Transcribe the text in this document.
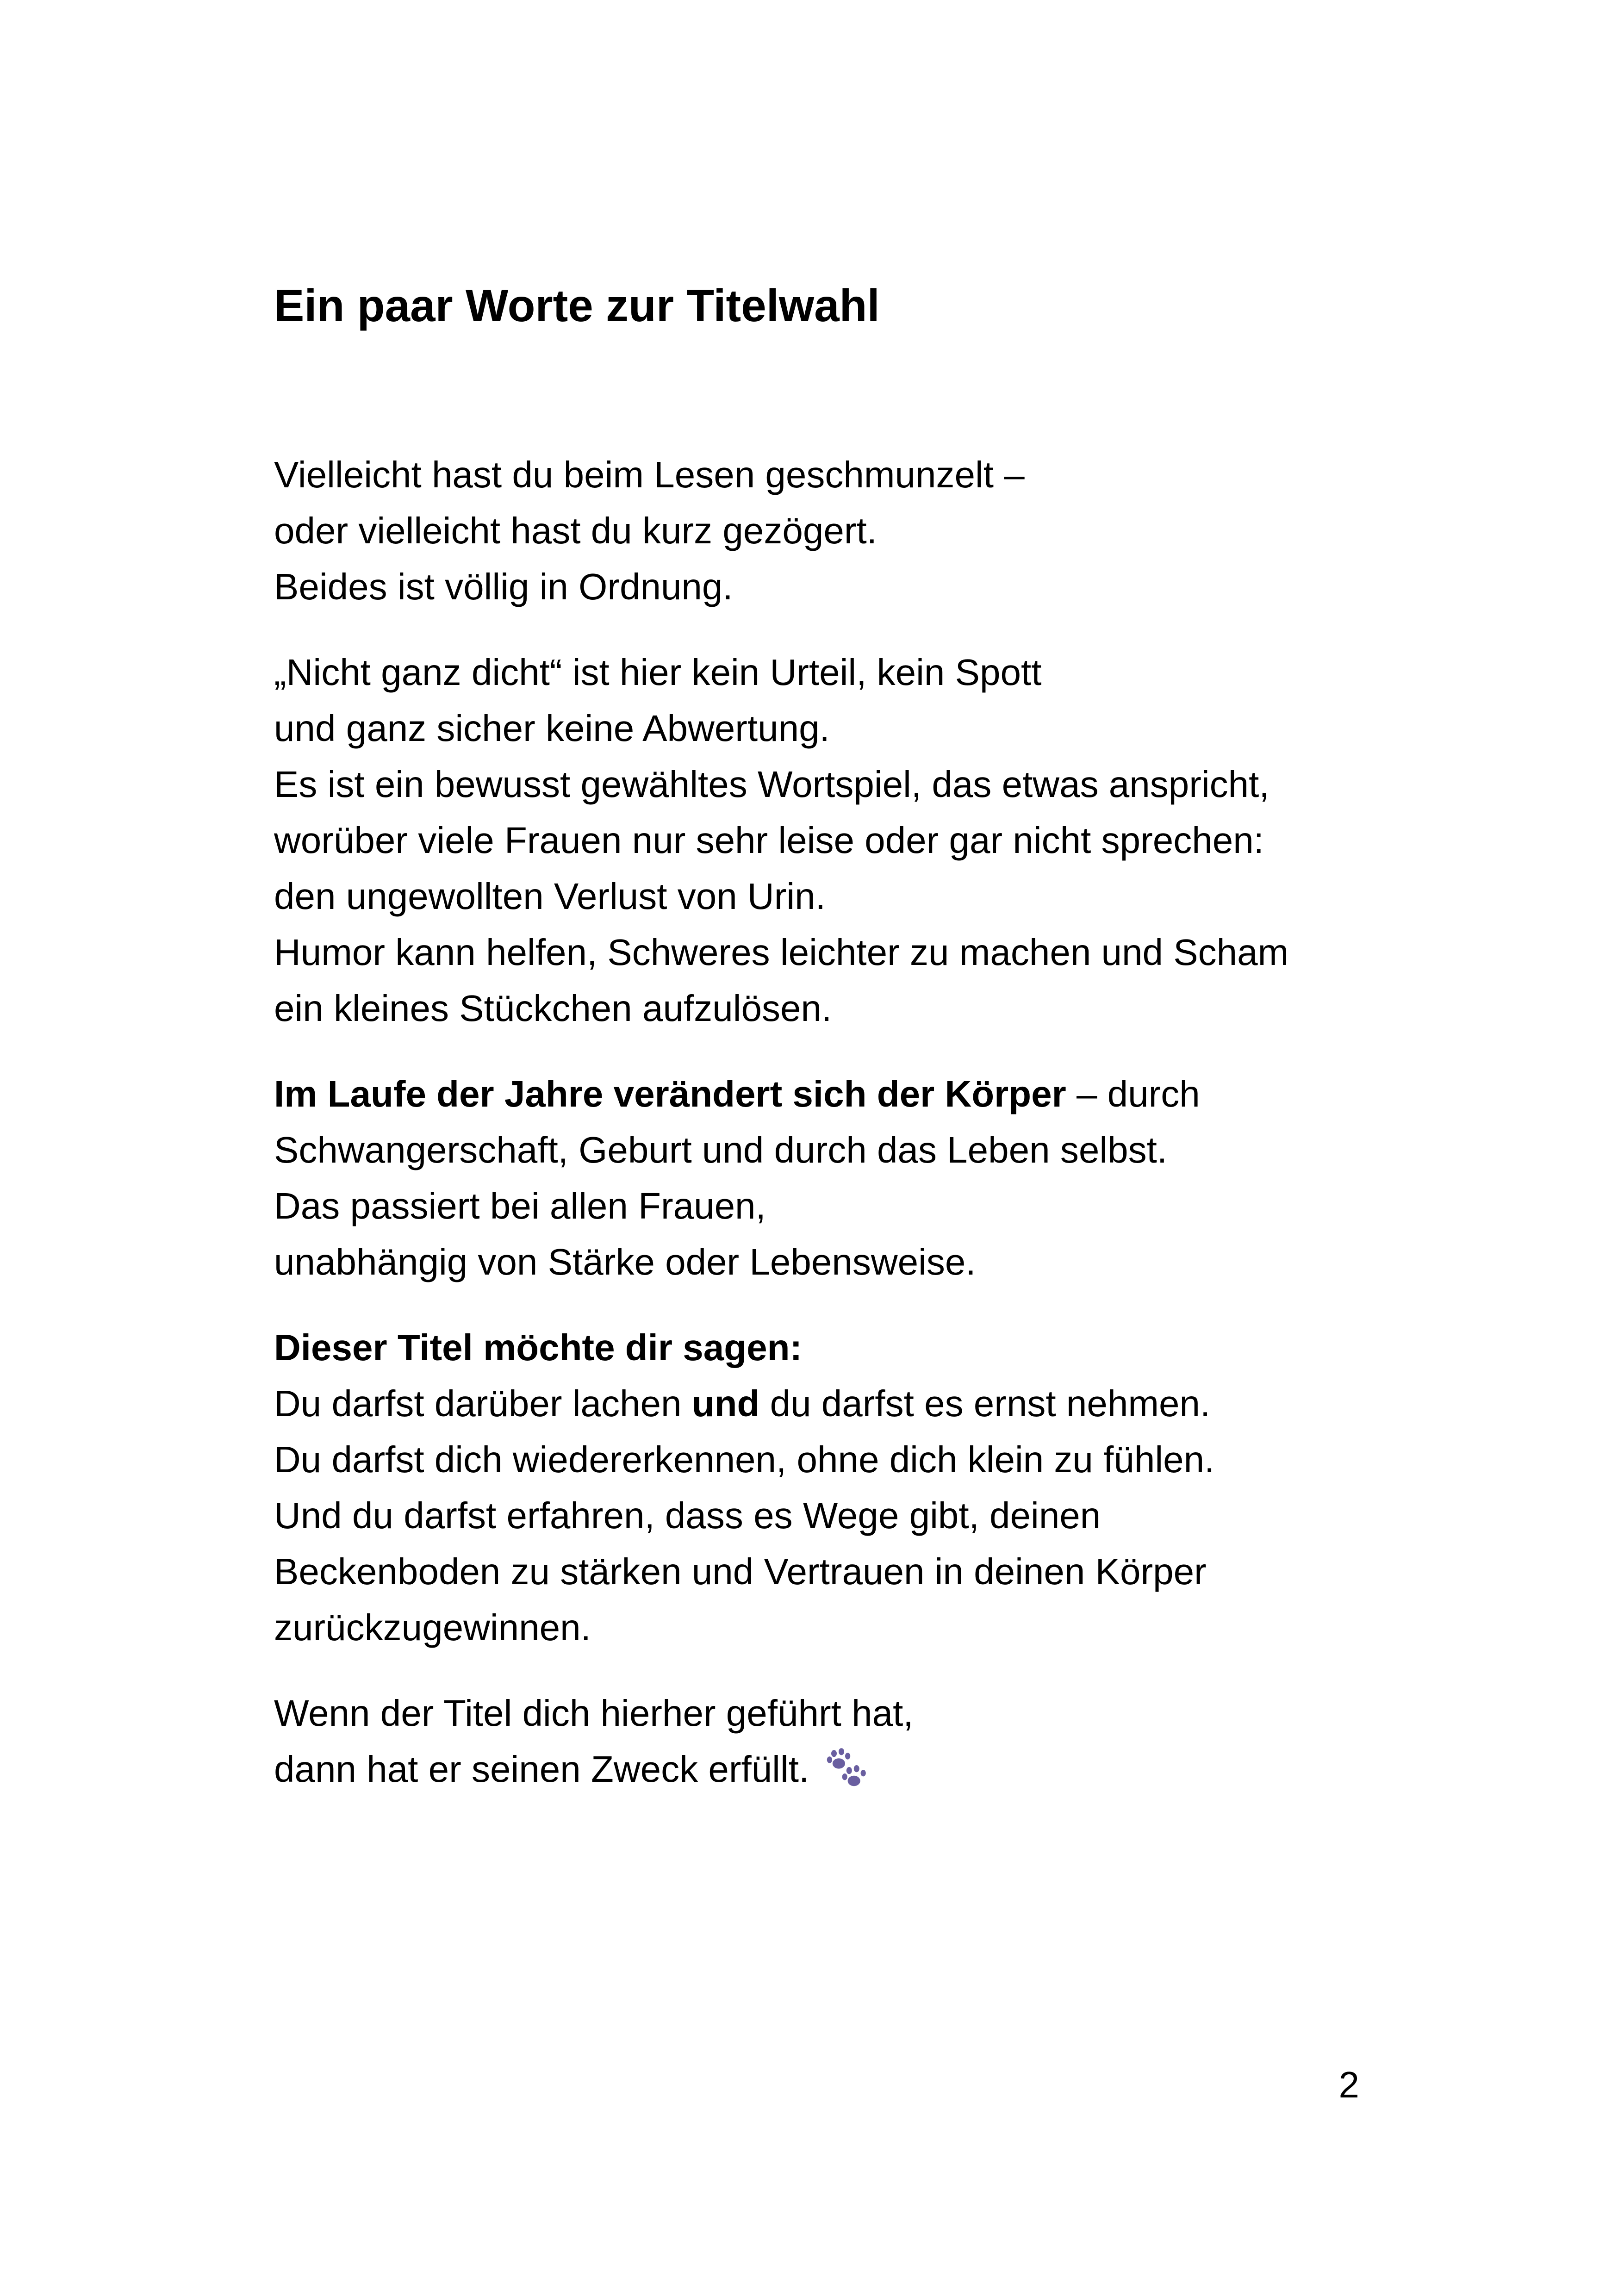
Ein paar Worte zur Titelwahl
Vielleicht hast du beim Lesen geschmunzelt –
oder vielleicht hast du kurz gezögert.
Beides ist völlig in Ordnung.
„Nicht ganz dicht“ ist hier kein Urteil, kein Spott
und ganz sicher keine Abwertung.
Es ist ein bewusst gewähltes Wortspiel, das etwas anspricht,
worüber viele Frauen nur sehr leise oder gar nicht sprechen:
den ungewollten Verlust von Urin.
Humor kann helfen, Schweres leichter zu machen und Scham
ein kleines Stückchen aufzulösen.
Im Laufe der Jahre verändert sich der Körper – durch
Schwangerschaft, Geburt und durch das Leben selbst.
Das passiert bei allen Frauen,
unabhängig von Stärke oder Lebensweise.
Dieser Titel möchte dir sagen:
Du darfst darüber lachen und du darfst es ernst nehmen.
Du darfst dich wiedererkennen, ohne dich klein zu fühlen.
Und du darfst erfahren, dass es Wege gibt, deinen
Beckenboden zu stärken und Vertrauen in deinen Körper
zurückzugewinnen.
Wenn der Titel dich hierher geführt hat,
dann hat er seinen Zweck erfüllt.
2
